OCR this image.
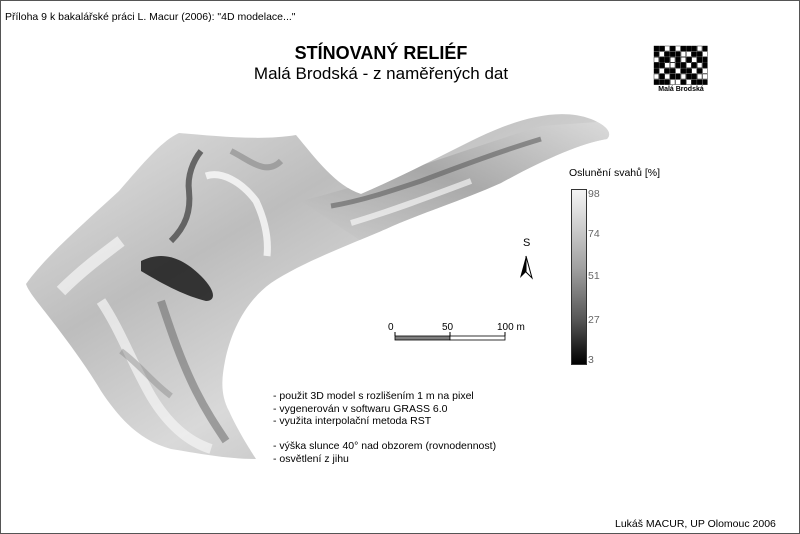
Příloha 9 k bakalářské práci L. Macur (2006): "4D modelace..."
STÍNOVANÝ RELIÉF
Malá Brodská - z naměřených dat
Malá Brodská
Oslunění svahů [%]
98
74
51
27
3
S
0	50	100 m
- použit 3D model s rozlišením 1 m na pixel
- vygenerován v softwaru GRASS 6.0
- využita interpolační metoda RST

- výška slunce 40° nad obzorem (rovnodennost)
- osvětlení z jihu
Lukáš MACUR, UP Olomouc 2006
